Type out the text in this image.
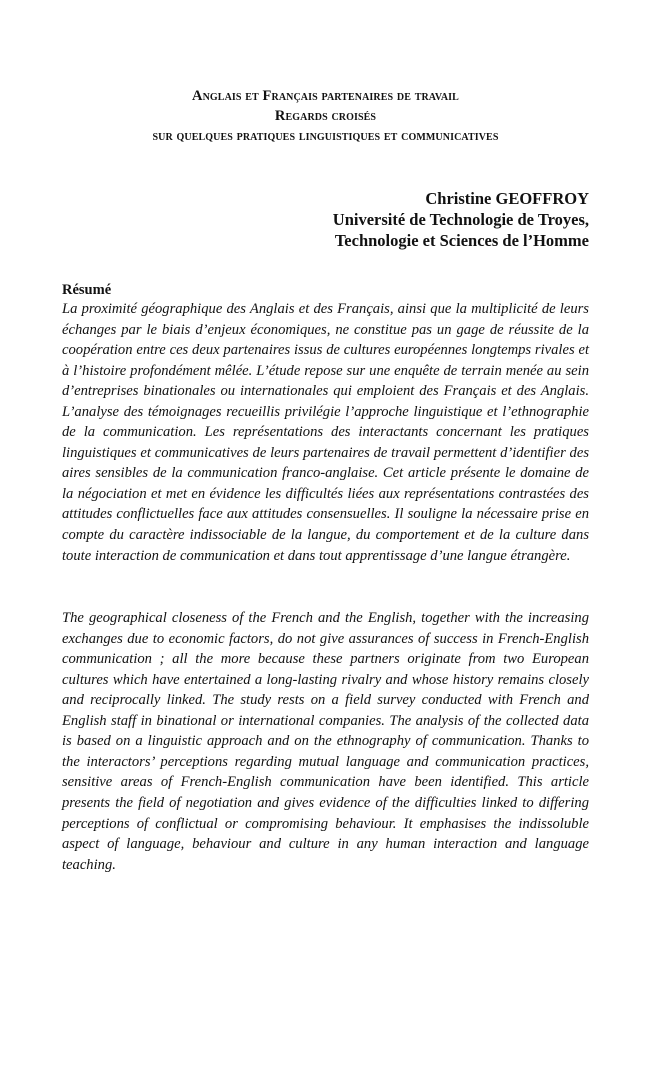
Anglais et Français partenaires de travail
Regards croisés
sur quelques pratiques linguistiques et communicatives
Christine GEOFFROY
Université de Technologie de Troyes,
Technologie et Sciences de l’Homme
Résumé

La proximité géographique des Anglais et des Français, ainsi que la multiplicité de leurs échanges par le biais d’enjeux économiques, ne constitue pas un gage de réussite de la coopération entre ces deux partenaires issus de cultures européennes longtemps rivales et à l’histoire profondément mêlée. L’étude repose sur une enquête de terrain menée au sein d’entreprises binationales ou internationales qui emploient des Français et des Anglais. L’analyse des témoignages recueillis privilégie l’approche linguistique et l’ethnographie de la communication. Les représentations des interactants concernant les pratiques linguistiques et communicatives de leurs partenaires de travail permettent d’identifier des aires sensibles de la communication franco-anglaise. Cet article présente le domaine de la négociation et met en évidence les difficultés liées aux représentations contrastées des attitudes conflictuelles face aux attitudes consensuelles. Il souligne la nécessaire prise en compte du caractère indissociable de la langue, du comportement et de la culture dans toute interaction de communication et dans tout apprentissage d’une langue étrangère.

The geographical closeness of the French and the English, together with the increasing exchanges due to economic factors, do not give assurances of success in French-English communication ; all the more because these partners originate from two European cultures which have entertained a long-lasting rivalry and whose history remains closely and reciprocally linked. The study rests on a field survey conducted with French and English staff in binational or international companies. The analysis of the collected data is based on a linguistic approach and on the ethnography of communication. Thanks to the interactors’ perceptions regarding mutual language and communication practices, sensitive areas of French-English communication have been identified. This article presents the field of negotiation and gives evidence of the difficulties linked to differing perceptions of conflictual or compromising behaviour. It emphasises the indissoluble aspect of language, behaviour and culture in any human interaction and language teaching.
